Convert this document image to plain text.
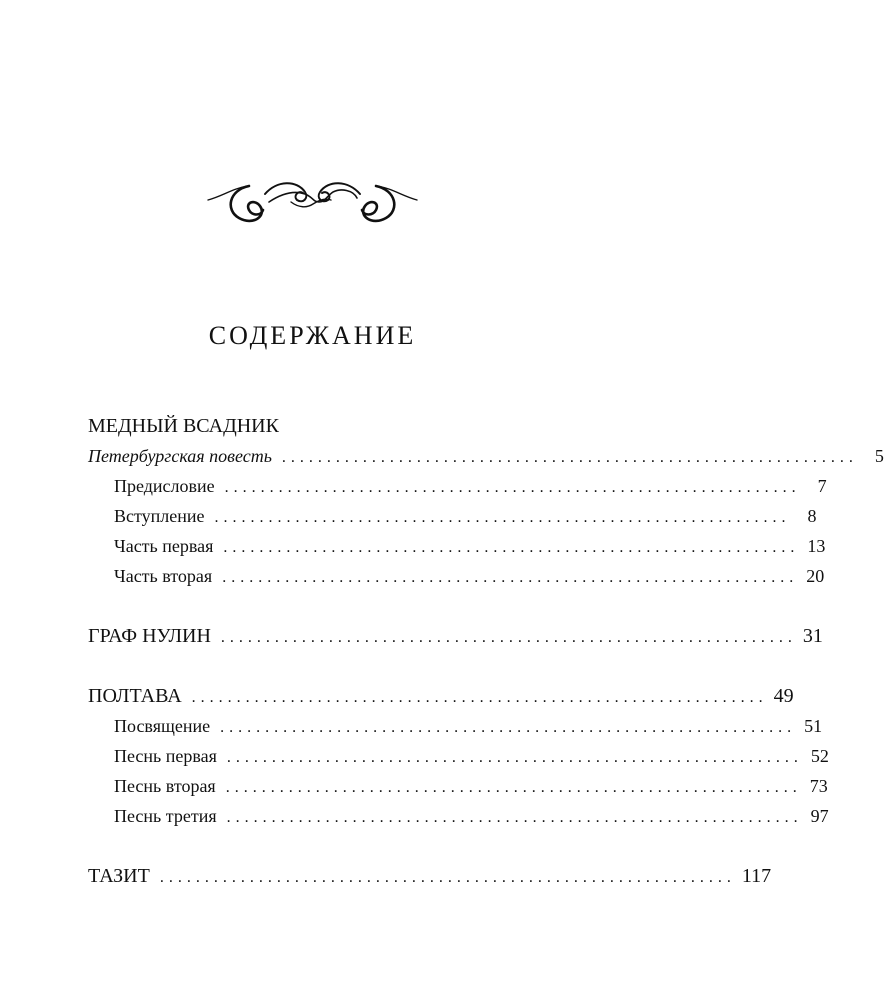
СОДЕРЖАНИЕ
МЕДНЫЙ ВСАДНИК
Петербургская повесть ................................................................ 5
Предисловие ................................................................ 7
Вступление ................................................................ 8
Часть первая ................................................................ 13
Часть вторая ................................................................ 20
ГРАФ НУЛИН ................................................................ 31
ПОЛТАВА ................................................................ 49
Посвящение ................................................................ 51
Песнь первая ................................................................ 52
Песнь вторая ................................................................ 73
Песнь третия ................................................................ 97
ТАЗИТ ................................................................ 117
